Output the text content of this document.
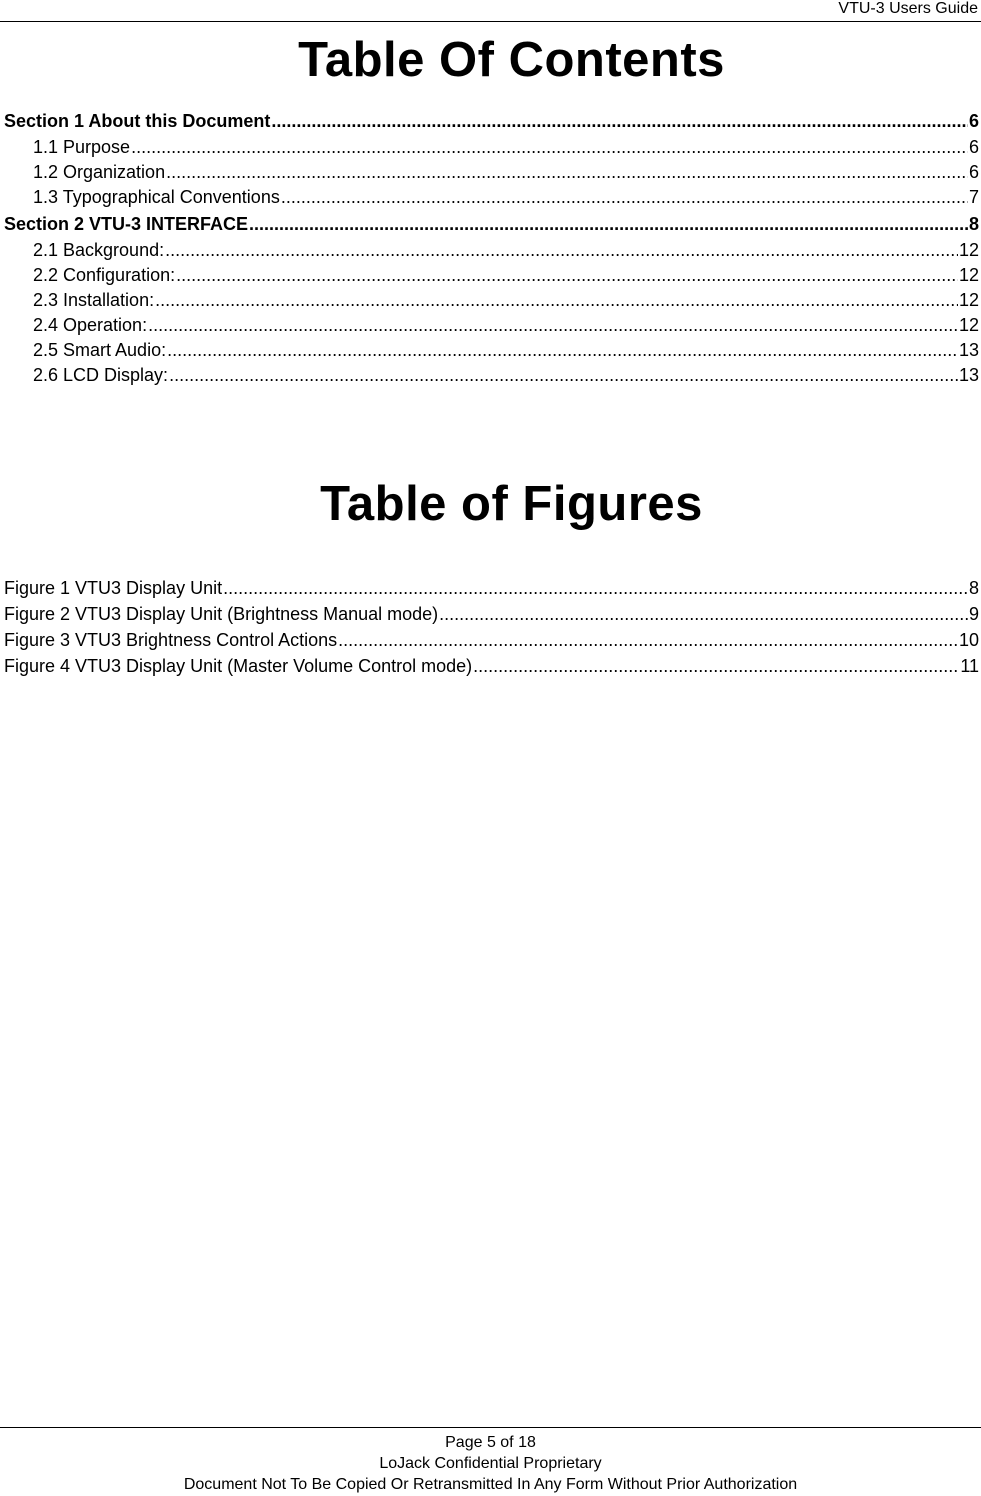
VTU-3 Users Guide
Table Of Contents
Section 1 About this Document .....	6
1.1 Purpose .....	6
1.2 Organization .....	6
1.3 Typographical Conventions .....	7
Section 2 VTU-3 INTERFACE .....	8
2.1 Background: .....	12
2.2 Configuration: .....	12
2.3 Installation: .....	12
2.4 Operation: .....	12
2.5 Smart Audio: .....	13
2.6 LCD Display: .....	13
Table of Figures
Figure 1 VTU3 Display Unit .....	8
Figure 2 VTU3 Display Unit (Brightness Manual mode) .....	9
Figure 3 VTU3 Brightness Control Actions .....	10
Figure 4 VTU3 Display Unit (Master Volume Control mode) .....	11
Page 5 of 18
LoJack Confidential Proprietary
Document Not To Be Copied Or Retransmitted In Any Form Without Prior Authorization
